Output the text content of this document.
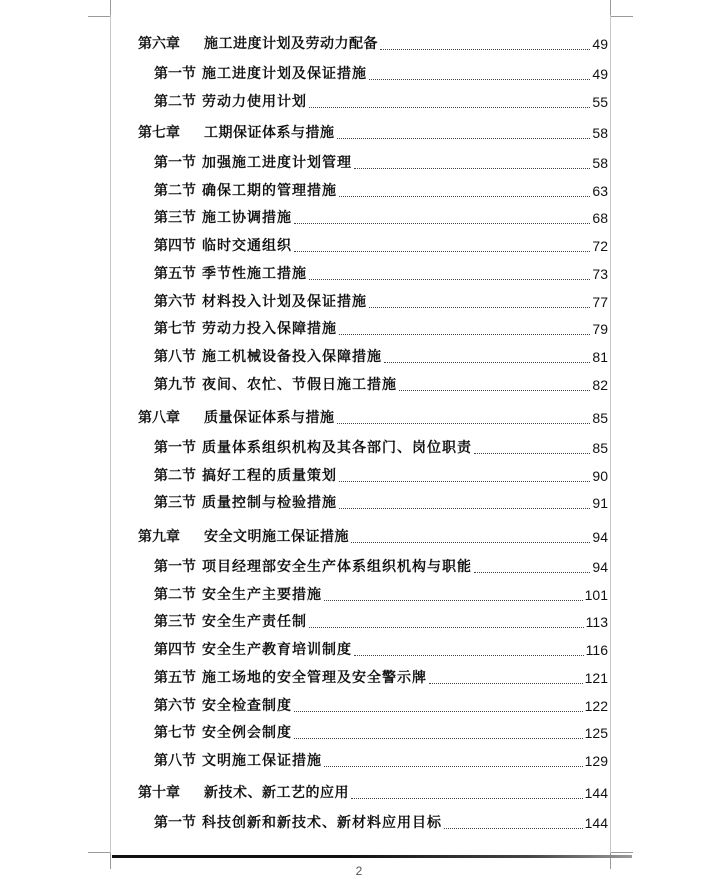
第六章	施工进度计划及劳动力配备	49
第一节 施工进度计划及保证措施	49
第二节 劳动力使用计划	55
第七章	工期保证体系与措施	58
第一节 加强施工进度计划管理	58
第二节 确保工期的管理措施	63
第三节 施工协调措施	68
第四节 临时交通组织	72
第五节 季节性施工措施	73
第六节 材料投入计划及保证措施	77
第七节 劳动力投入保障措施	79
第八节 施工机械设备投入保障措施	81
第九节 夜间、农忙、节假日施工措施	82
第八章	质量保证体系与措施	85
第一节 质量体系组织机构及其各部门、岗位职责	85
第二节 搞好工程的质量策划	90
第三节 质量控制与检验措施	91
第九章	安全文明施工保证措施	94
第一节 项目经理部安全生产体系组织机构与职能	94
第二节 安全生产主要措施	101
第三节 安全生产责任制	113
第四节 安全生产教育培训制度	116
第五节 施工场地的安全管理及安全警示牌	121
第六节 安全检查制度	122
第七节 安全例会制度	125
第八节 文明施工保证措施	129
第十章	新技术、新工艺的应用	144
第一节 科技创新和新技术、新材料应用目标	144
2
